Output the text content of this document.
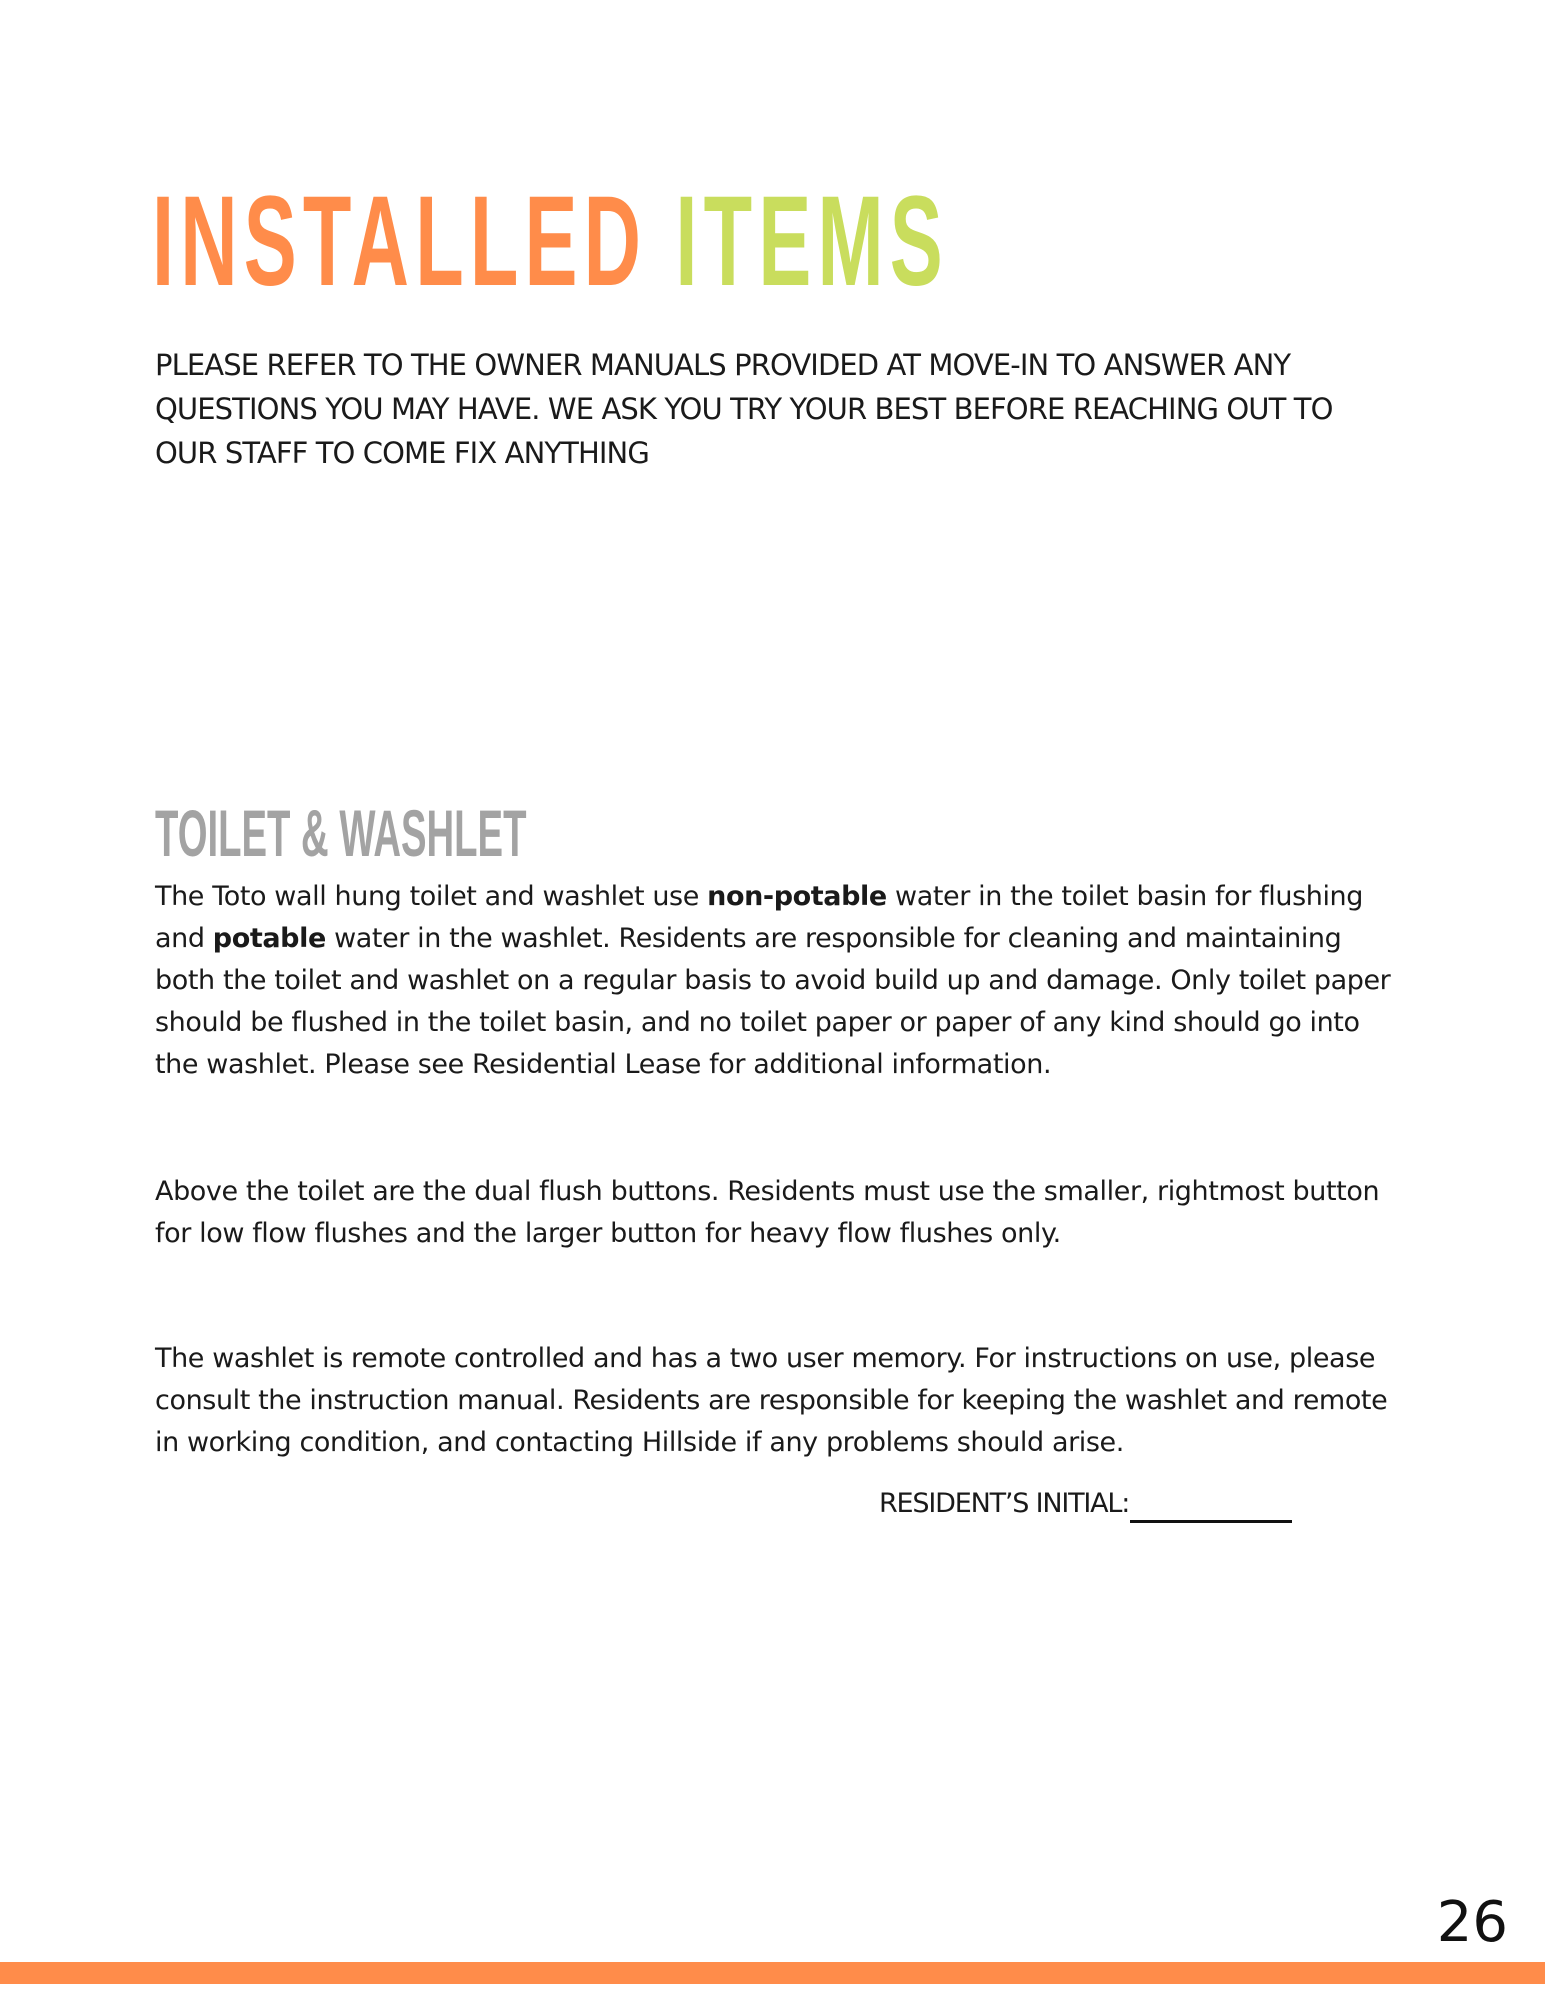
INSTALLED ITEMS

PLEASE REFER TO THE OWNER MANUALS PROVIDED AT MOVE-IN TO ANSWER ANY QUESTIONS YOU MAY HAVE. WE ASK YOU TRY YOUR BEST BEFORE REACHING OUT TO OUR STAFF TO COME FIX ANYTHING

TOILET & WASHLET

The Toto wall hung toilet and washlet use non-potable water in the toilet basin for flushing and potable water in the washlet. Residents are responsible for cleaning and maintaining both the toilet and washlet on a regular basis to avoid build up and damage. Only toilet paper should be flushed in the toilet basin, and no toilet paper or paper of any kind should go into the washlet. Please see Residential Lease for additional information.

Above the toilet are the dual flush buttons. Residents must use the smaller, rightmost button for low flow flushes and the larger button for heavy flow flushes only.

The washlet is remote controlled and has a two user memory. For instructions on use, please consult the instruction manual. Residents are responsible for keeping the washlet and remote in working condition, and contacting Hillside if any problems should arise.

RESIDENT’S INITIAL:
26
